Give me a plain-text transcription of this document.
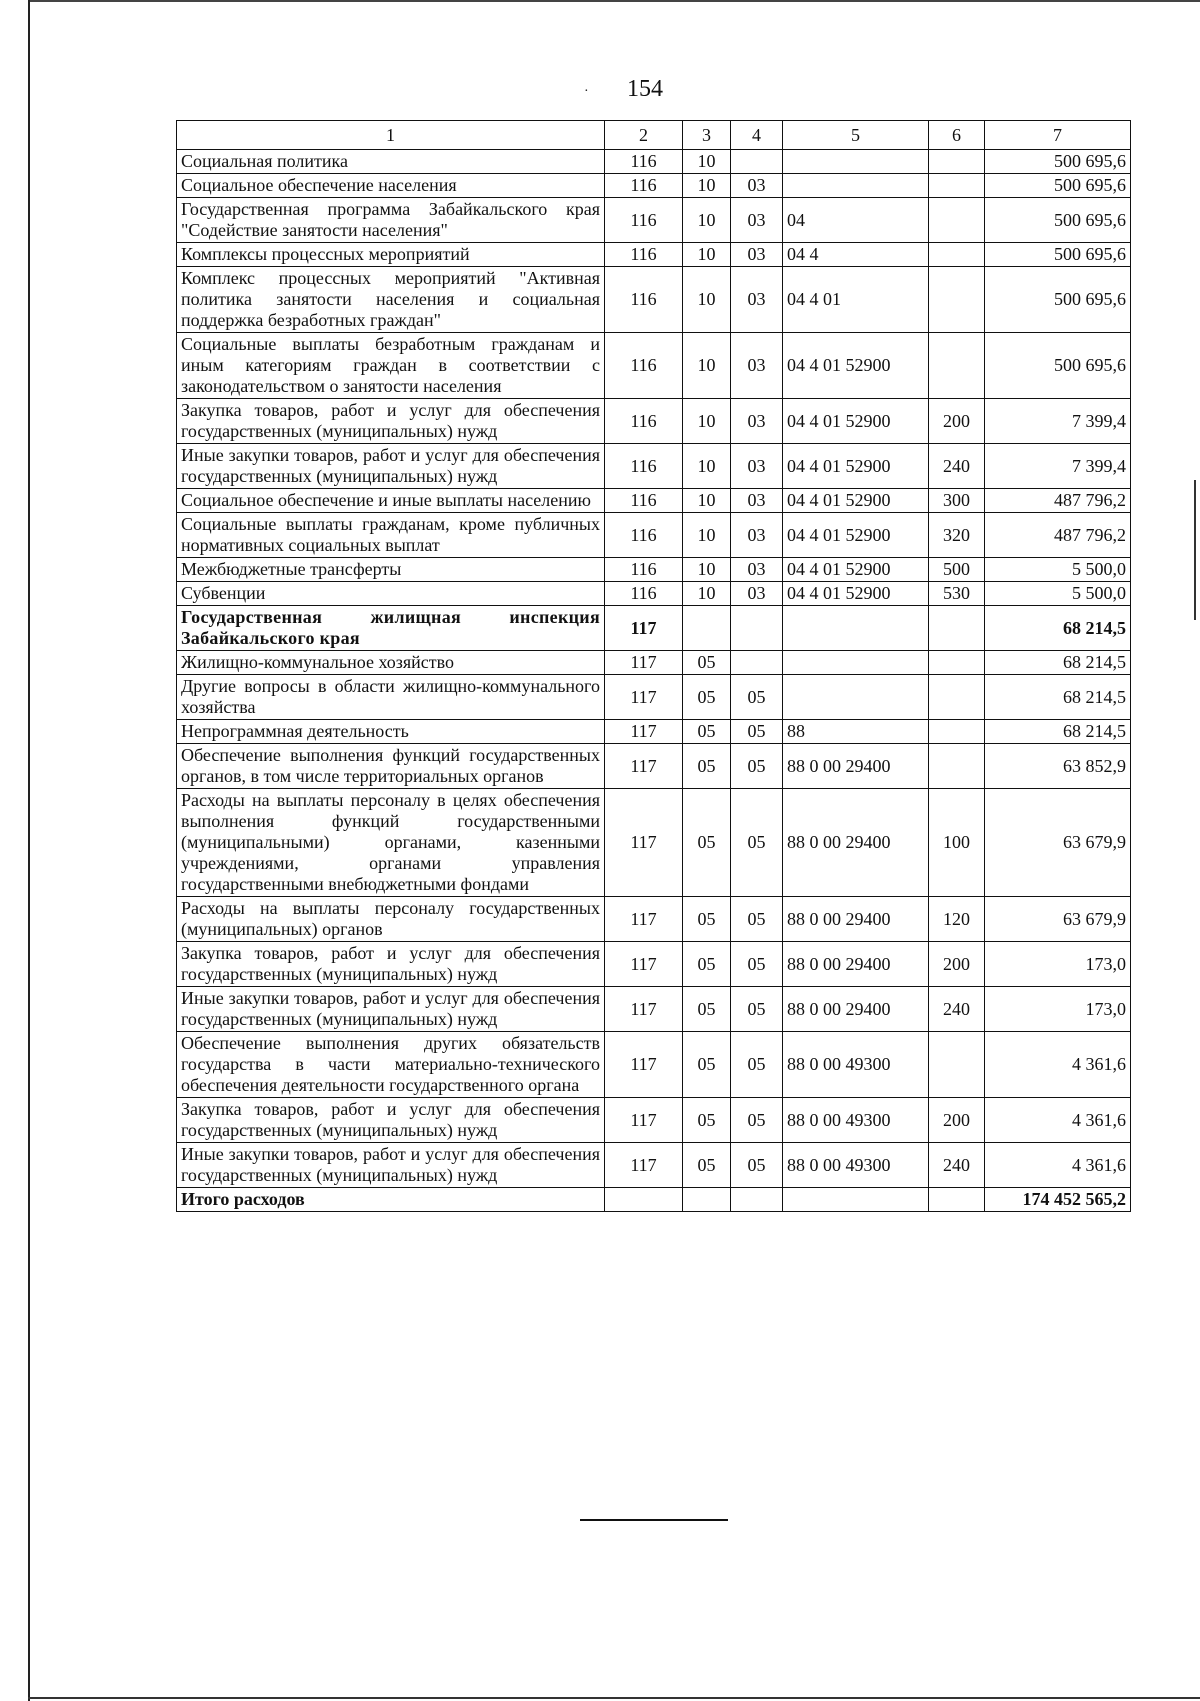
·	154
1	2	3	4	5	6	7
Социальная политика	116	10				500 695,6
Социальное обеспечение населения	116	10	03			500 695,6
Государственная программа Забайкальского края "Содействие занятости населения"	116	10	03	04		500 695,6
Комплексы процессных мероприятий	116	10	03	04 4		500 695,6
Комплекс процессных мероприятий "Активная политика занятости населения и социальная поддержка безработных граждан"	116	10	03	04 4 01		500 695,6
Социальные выплаты безработным гражданам и иным категориям граждан в соответствии с законодательством о занятости населения	116	10	03	04 4 01 52900		500 695,6
Закупка товаров, работ и услуг для обеспечения государственных (муниципальных) нужд	116	10	03	04 4 01 52900	200	7 399,4
Иные закупки товаров, работ и услуг для обеспечения государственных (муниципальных) нужд	116	10	03	04 4 01 52900	240	7 399,4
Социальное обеспечение и иные выплаты населению	116	10	03	04 4 01 52900	300	487 796,2
Социальные выплаты гражданам, кроме публичных нормативных социальных выплат	116	10	03	04 4 01 52900	320	487 796,2
Межбюджетные трансферты	116	10	03	04 4 01 52900	500	5 500,0
Субвенции	116	10	03	04 4 01 52900	530	5 500,0
Государственная жилищная инспекция Забайкальского края	117					68 214,5
Жилищно-коммунальное хозяйство	117	05				68 214,5
Другие вопросы в области жилищно-коммунального хозяйства	117	05	05			68 214,5
Непрограммная деятельность	117	05	05	88		68 214,5
Обеспечение выполнения функций государственных органов, в том числе территориальных органов	117	05	05	88 0 00 29400		63 852,9
Расходы на выплаты персоналу в целях обеспечения выполнения функций государственными (муниципальными) органами, казенными учреждениями, органами управления государственными внебюджетными фондами	117	05	05	88 0 00 29400	100	63 679,9
Расходы на выплаты персоналу государственных (муниципальных) органов	117	05	05	88 0 00 29400	120	63 679,9
Закупка товаров, работ и услуг для обеспечения государственных (муниципальных) нужд	117	05	05	88 0 00 29400	200	173,0
Иные закупки товаров, работ и услуг для обеспечения государственных (муниципальных) нужд	117	05	05	88 0 00 29400	240	173,0
Обеспечение выполнения других обязательств государства в части материально-технического обеспечения деятельности государственного органа	117	05	05	88 0 00 49300		4 361,6
Закупка товаров, работ и услуг для обеспечения государственных (муниципальных) нужд	117	05	05	88 0 00 49300	200	4 361,6
Иные закупки товаров, работ и услуг для обеспечения государственных (муниципальных) нужд	117	05	05	88 0 00 49300	240	4 361,6
Итого расходов						174 452 565,2
